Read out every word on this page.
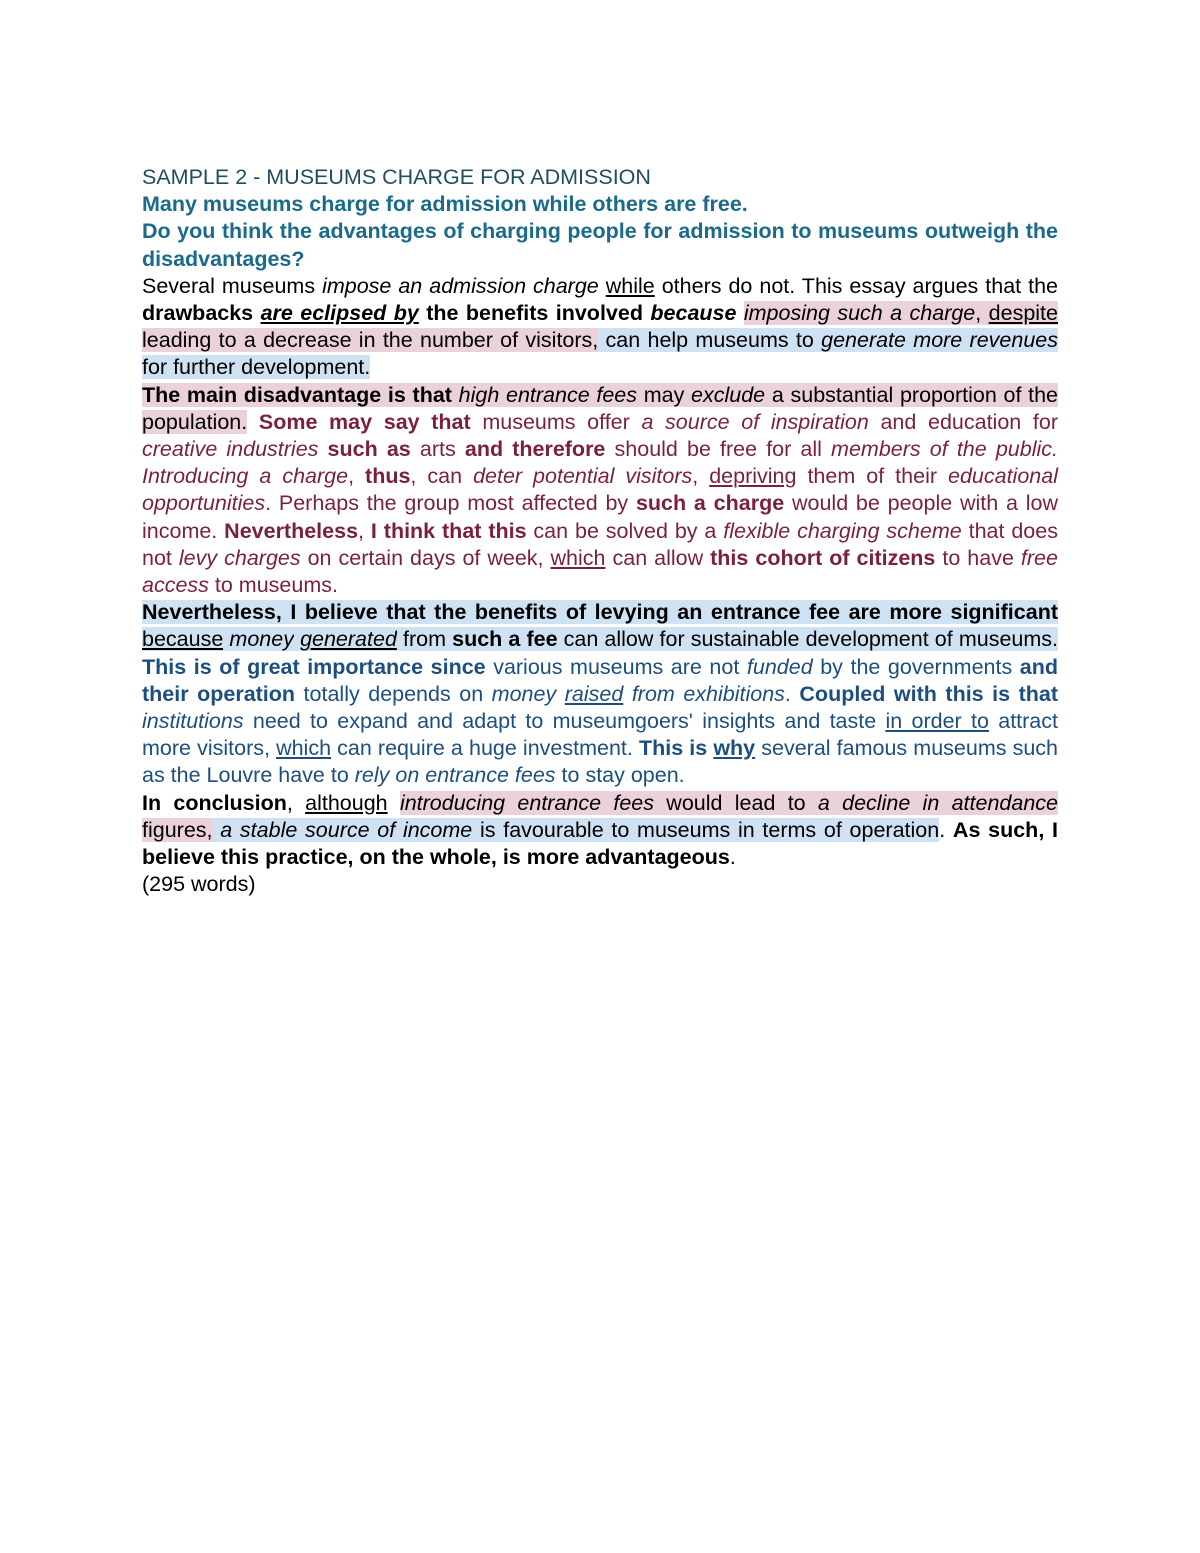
SAMPLE 2 - MUSEUMS CHARGE FOR ADMISSION

Many museums charge for admission while others are free.

Do you think the advantages of charging people for admission to museums outweigh the disadvantages?

Several museums impose an admission charge while others do not. This essay argues that the drawbacks are eclipsed by the benefits involved because imposing such a charge, despite leading to a decrease in the number of visitors, can help museums to generate more revenues for further development.

The main disadvantage is that high entrance fees may exclude a substantial proportion of the population. Some may say that museums offer a source of inspiration and education for creative industries such as arts and therefore should be free for all members of the public. Introducing a charge, thus, can deter potential visitors, depriving them of their educational opportunities. Perhaps the group most affected by such a charge would be people with a low income. Nevertheless, I think that this can be solved by a flexible charging scheme that does not levy charges on certain days of week, which can allow this cohort of citizens to have free access to museums.

Nevertheless, I believe that the benefits of levying an entrance fee are more significant because money generated from such a fee can allow for sustainable development of museums. This is of great importance since various museums are not funded by the governments and their operation totally depends on money raised from exhibitions. Coupled with this is that institutions need to expand and adapt to museumgoers' insights and taste in order to attract more visitors, which can require a huge investment. This is why several famous museums such as the Louvre have to rely on entrance fees to stay open.

In conclusion, although introducing entrance fees would lead to a decline in attendance figures, a stable source of income is favourable to museums in terms of operation. As such, I believe this practice, on the whole, is more advantageous.

(295 words)
